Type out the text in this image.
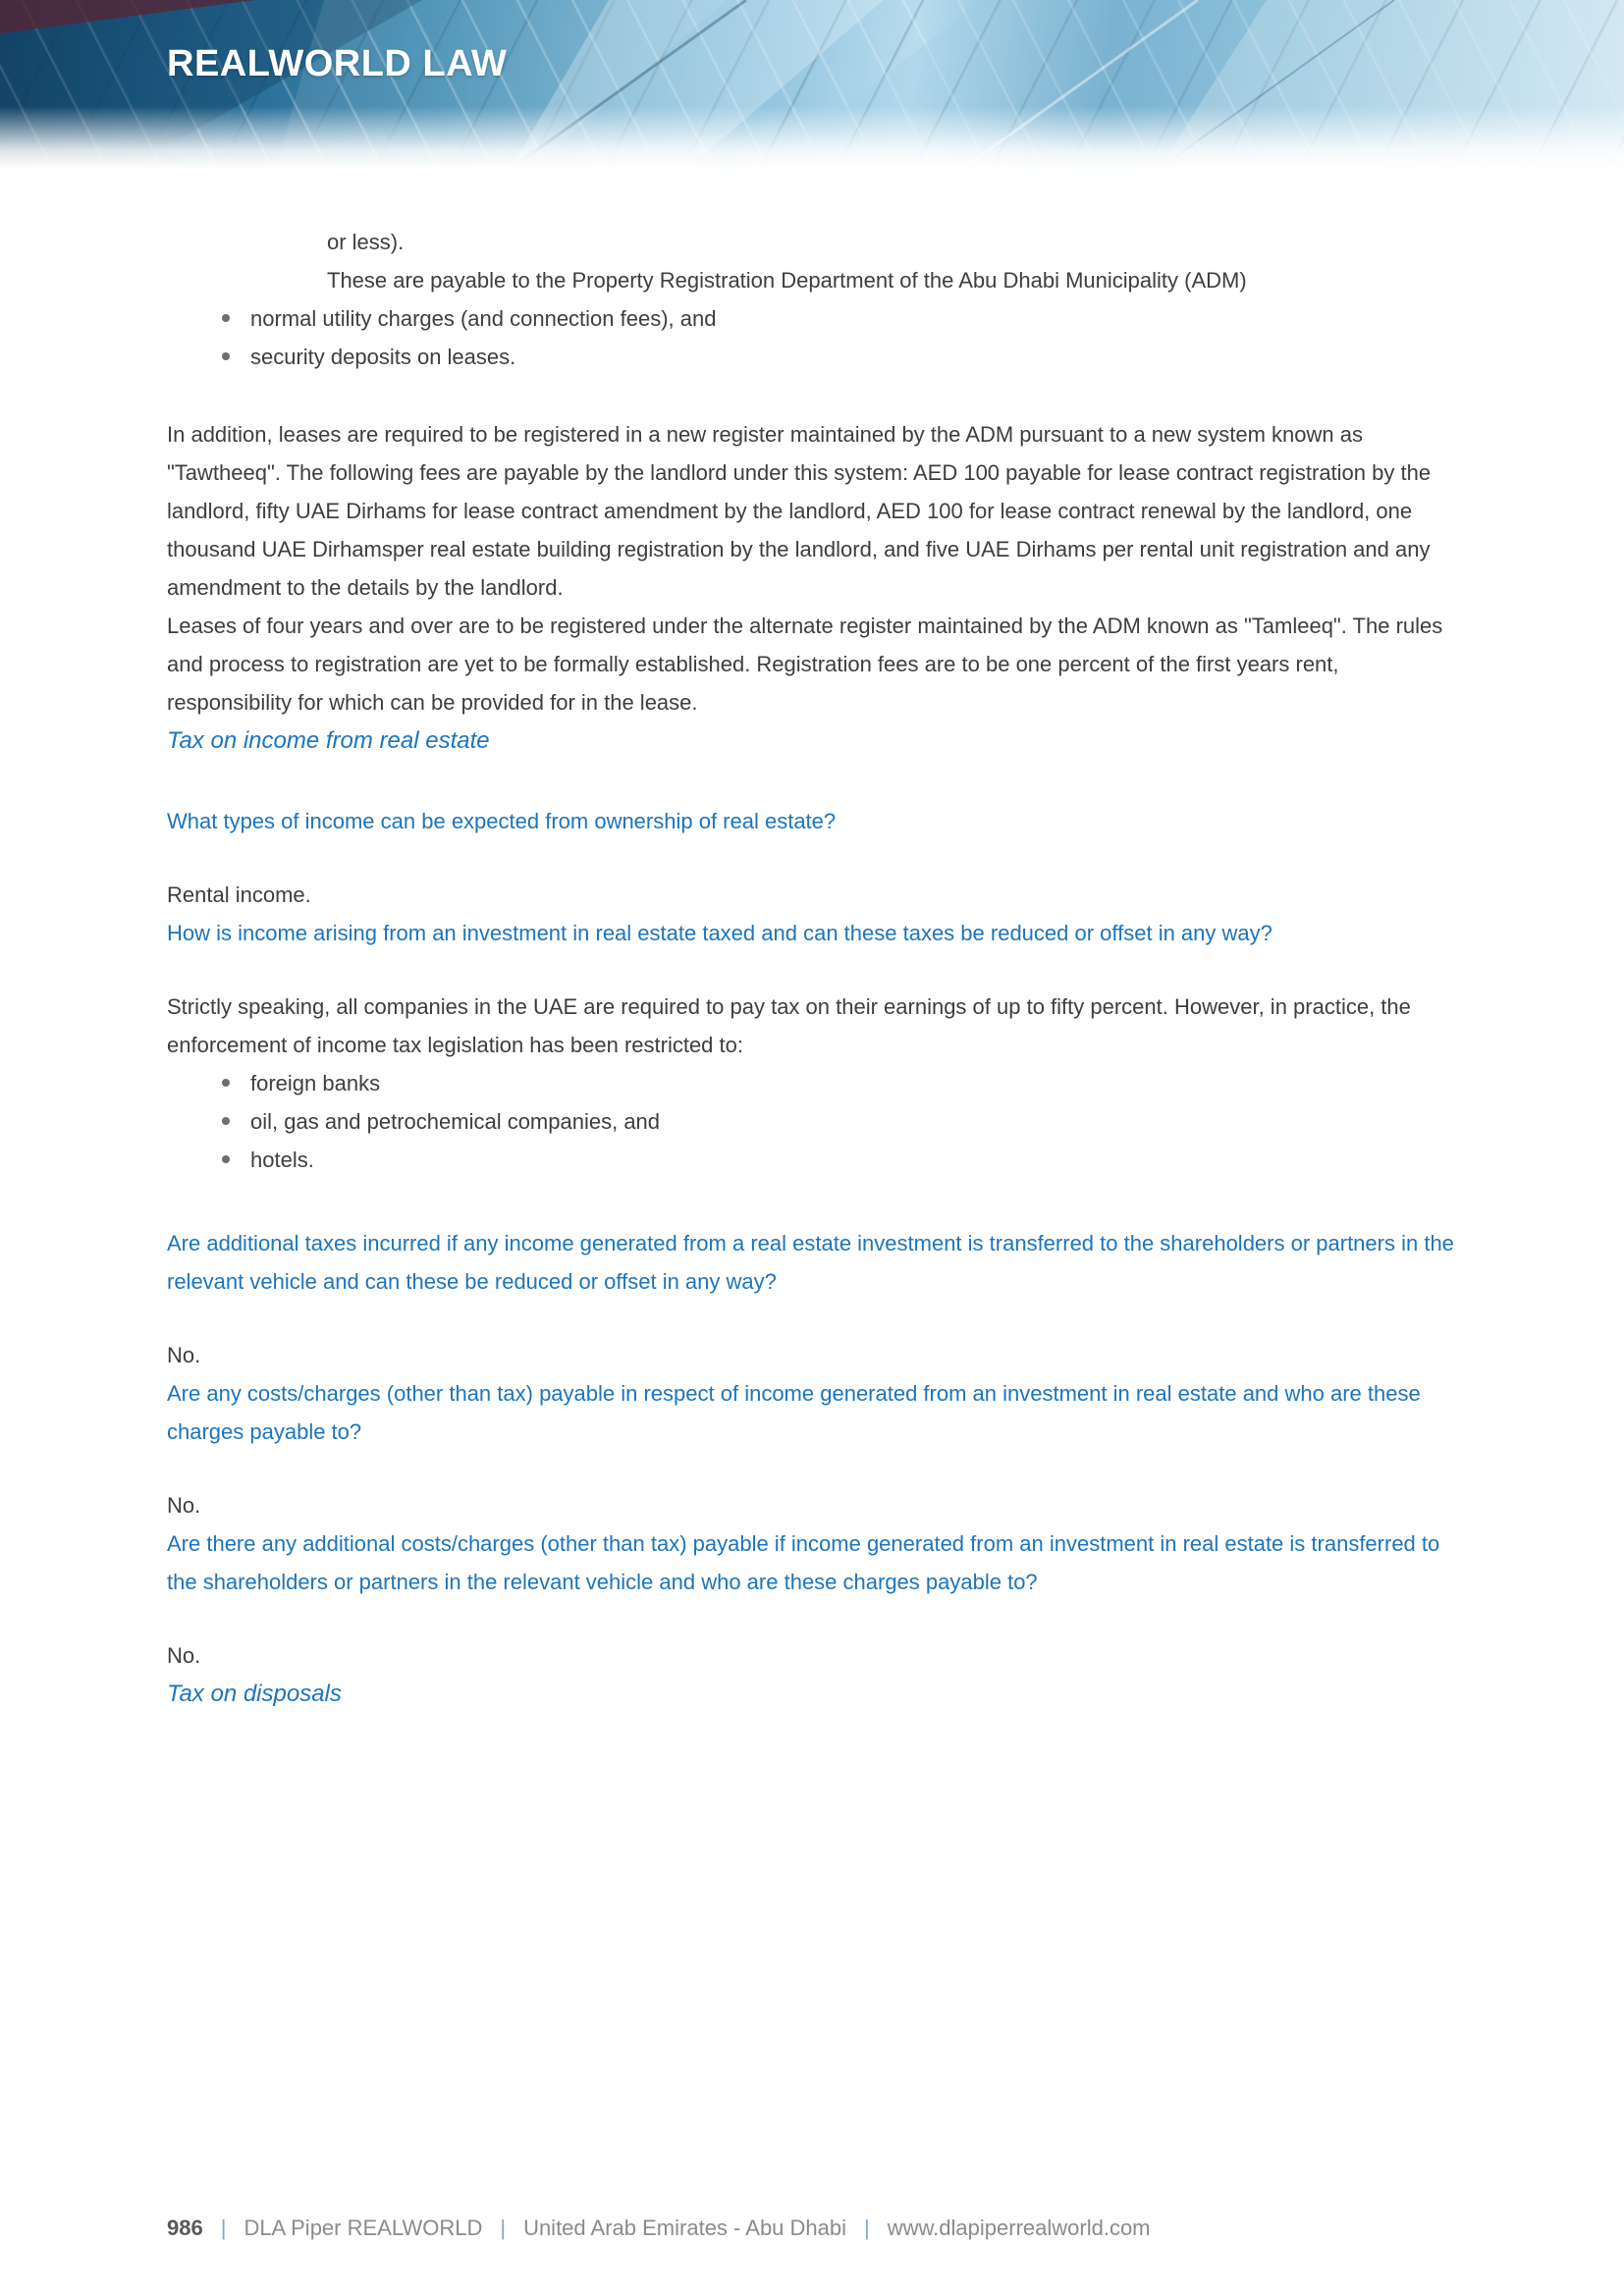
REALWORLD LAW

or less).

These are payable to the Property Registration Department of the Abu Dhabi Municipality (ADM)

normal utility charges (and connection fees), and
security deposits on leases.

In addition, leases are required to be registered in a new register maintained by the ADM pursuant to a new system known as "Tawtheeq". The following fees are payable by the landlord under this system: AED 100 payable for lease contract registration by the landlord, fifty UAE Dirhams for lease contract amendment by the landlord, AED 100 for lease contract renewal by the landlord, one thousand UAE Dirhamsper real estate building registration by the landlord, and five UAE Dirhams per rental unit registration and any amendment to the details by the landlord.

Leases of four years and over are to be registered under the alternate register maintained by the ADM known as "Tamleeq". The rules and process to registration are yet to be formally established. Registration fees are to be one percent of the first years rent, responsibility for which can be provided for in the lease.

Tax on income from real estate
What types of income can be expected from ownership of real estate?

Rental income.

How is income arising from an investment in real estate taxed and can these taxes be reduced or offset in any way?

Strictly speaking, all companies in the UAE are required to pay tax on their earnings of up to fifty percent. However, in practice, the enforcement of income tax legislation has been restricted to:

foreign banks
oil, gas and petrochemical companies, and
hotels.
Are additional taxes incurred if any income generated from a real estate investment is transferred to the shareholders or partners in the relevant vehicle and can these be reduced or offset in any way?

No.

Are any costs/charges (other than tax) payable in respect of income generated from an investment in real estate and who are these charges payable to?

No.

Are there any additional costs/charges (other than tax) payable if income generated from an investment in real estate is transferred to the shareholders or partners in the relevant vehicle and who are these charges payable to?

No.

Tax on disposals
986 | DLA Piper REALWORLD | United Arab Emirates - Abu Dhabi | www.dlapiperrealworld.com
